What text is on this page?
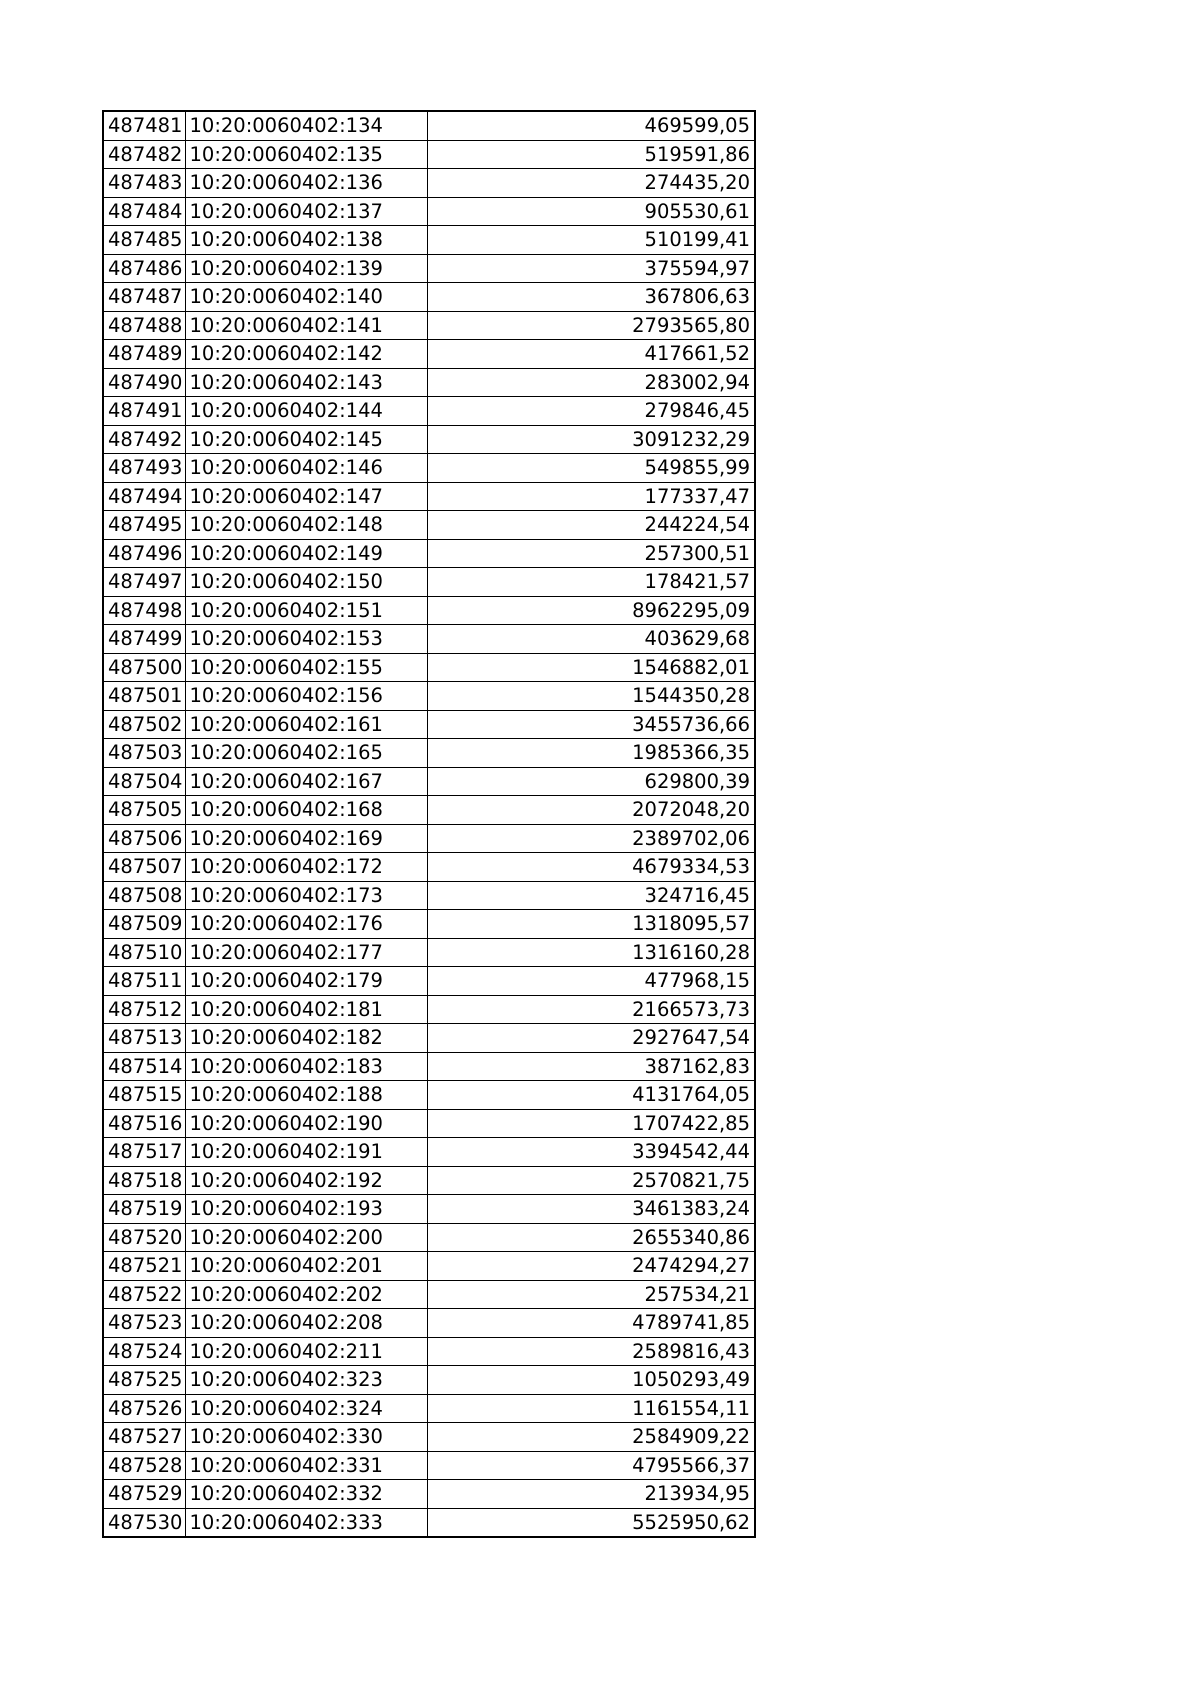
487481	10:20:0060402:134	469599,05
487482	10:20:0060402:135	519591,86
487483	10:20:0060402:136	274435,20
487484	10:20:0060402:137	905530,61
487485	10:20:0060402:138	510199,41
487486	10:20:0060402:139	375594,97
487487	10:20:0060402:140	367806,63
487488	10:20:0060402:141	2793565,80
487489	10:20:0060402:142	417661,52
487490	10:20:0060402:143	283002,94
487491	10:20:0060402:144	279846,45
487492	10:20:0060402:145	3091232,29
487493	10:20:0060402:146	549855,99
487494	10:20:0060402:147	177337,47
487495	10:20:0060402:148	244224,54
487496	10:20:0060402:149	257300,51
487497	10:20:0060402:150	178421,57
487498	10:20:0060402:151	8962295,09
487499	10:20:0060402:153	403629,68
487500	10:20:0060402:155	1546882,01
487501	10:20:0060402:156	1544350,28
487502	10:20:0060402:161	3455736,66
487503	10:20:0060402:165	1985366,35
487504	10:20:0060402:167	629800,39
487505	10:20:0060402:168	2072048,20
487506	10:20:0060402:169	2389702,06
487507	10:20:0060402:172	4679334,53
487508	10:20:0060402:173	324716,45
487509	10:20:0060402:176	1318095,57
487510	10:20:0060402:177	1316160,28
487511	10:20:0060402:179	477968,15
487512	10:20:0060402:181	2166573,73
487513	10:20:0060402:182	2927647,54
487514	10:20:0060402:183	387162,83
487515	10:20:0060402:188	4131764,05
487516	10:20:0060402:190	1707422,85
487517	10:20:0060402:191	3394542,44
487518	10:20:0060402:192	2570821,75
487519	10:20:0060402:193	3461383,24
487520	10:20:0060402:200	2655340,86
487521	10:20:0060402:201	2474294,27
487522	10:20:0060402:202	257534,21
487523	10:20:0060402:208	4789741,85
487524	10:20:0060402:211	2589816,43
487525	10:20:0060402:323	1050293,49
487526	10:20:0060402:324	1161554,11
487527	10:20:0060402:330	2584909,22
487528	10:20:0060402:331	4795566,37
487529	10:20:0060402:332	213934,95
487530	10:20:0060402:333	5525950,62
